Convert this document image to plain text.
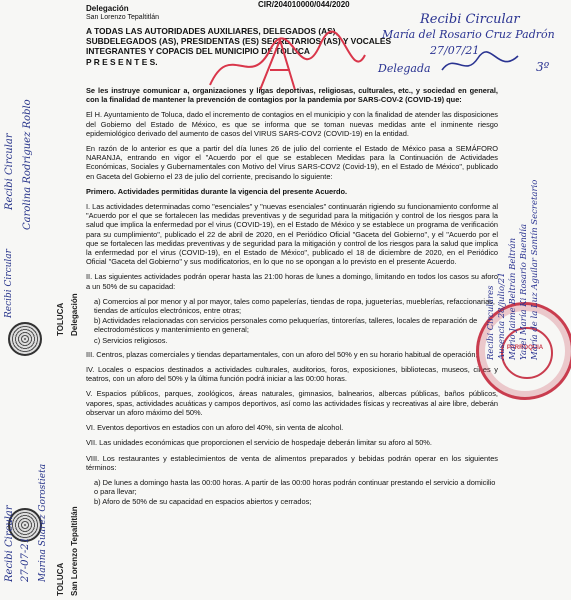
TOLUCA Delegación
TOLUCA San Lorenzo Tepaltitlán
Recibi Circular Carolina Rodriguez Roblo
Recibi Circular
Recibi Circular 27-07-21 Marina Suarez Gorostieta
Delegación
San Lorenzo Tepaltitlán
CIR/204010000/044/2020
A TODAS LAS AUTORIDADES AUXILIARES, DELEGADOS (AS), SUBDELEGADOS (AS), PRESIDENTAS (ES) SECRETARIOS (AS) Y VOCALES INTEGRANTES Y COPACIS DEL MUNICIPIO DE TOLUCA
P R E S E N T E S.
Recibi Circular
María del Rosario Cruz Padrón
27/07/21
Delegada	3º

Se les instruye comunicar a, organizaciones y ligas deportivas, religiosas, culturales, etc., y sociedad en general, con la finalidad de mantener la prevención de contagios por la pandemia por SARS-COV-2 (COVID-19) que:

El H. Ayuntamiento de Toluca, dado el incremento de contagios en el municipio y con la finalidad de atender las disposiciones del Gobierno del Estado de México, es que se informa que se toman nuevas medidas ante el inminente riesgo epidemiológico derivado del aumento de casos del VIRUS SARS-COV2 (COVID-19) en la entidad.

En razón de lo anterior es que a partir del día lunes 26 de julio del corriente el Estado de México pasa a SEMÁFORO NARANJA, entrando en vigor el "Acuerdo por el que se establecen Medidas para la Continuación de Actividades Económicas, Sociales y Gubernamentales con Motivo del Virus SARS-COV2 (Covid-19), en el Estado de México", publicado en Gaceta del Gobierno el 23 de julio del corriente, precisando lo siguiente:

Primero. Actividades permitidas durante la vigencia del presente Acuerdo.

I. Las actividades determinadas como "esenciales" y "nuevas esenciales" continuarán rigiendo su funcionamiento conforme al "Acuerdo por el que se fortalecen las medidas preventivas y de seguridad para la mitigación y control de los riesgos para la salud que implica la enfermedad por el virus (COVID-19), en el Estado de México y se establece un programa de verificación para su cumplimiento", publicado el 22 de abril de 2020, en el Periódico Oficial "Gaceta del Gobierno", y el "Acuerdo por el que se fortalecen las medidas preventivas y de seguridad para la mitigación y control de los riesgos para la salud que implica la enfermedad por el virus (COVID-19), en el Estado de México", publicado el 18 de diciembre de 2020, en el Periódico Oficial "Gaceta del Gobierno" y sus modificatorios, en lo que no se opongan a lo previsto en el presente Acuerdo.

II. Las siguientes actividades podrán operar hasta las 21:00 horas de lunes a domingo, limitando en todos los casos su aforo a un 50% de su capacidad:

a) Comercios al por menor y al por mayor, tales como papelerías, tiendas de ropa, jugueterías, mueblerías, refaccionarias, tiendas de artículos electrónicos, entre otras;
b) Actividades relacionadas con servicios personales como peluquerías, tintorerías, talleres, locales de reparación de electrodomésticos y mantenimiento en general;
c) Servicios religiosos.

III. Centros, plazas comerciales y tiendas departamentales, con un aforo del 50% y en su horario habitual de operación;

IV. Locales o espacios destinados a actividades culturales, auditorios, foros, exposiciones, bibliotecas, museos, cines y teatros, con un aforo del 50% y la última función podrá iniciar a las 00:00 horas.

V. Espacios públicos, parques, zoológicos, áreas naturales, gimnasios, balnearios, albercas públicas, baños públicos, vapores, spas, actividades acuáticas y campos deportivos, así como las actividades físicas y recreativas al aire libre, deberán observar un aforo máximo del 50%.

VI. Eventos deportivos en estadios con un aforo del 40%, sin venta de alcohol.

VII. Las unidades económicas que proporcionen el servicio de hospedaje deberán limitar su aforo al 50%.

VIII. Los restaurantes y establecimientos de venta de alimentos preparados y bebidas podrán operar en los siguientes términos:

a) De lunes a domingo hasta las 00:00 horas. A partir de las 00:00 horas podrán continuar prestando el servicio a domicilio o para llevar;
b) Aforo de 50% de su capacidad en espacios abiertos y cerrados;
PARROQUIA
Recibi Circulares Ausencia 28/julio/21 Mario Jaime Beltrán Beltrán Yazel María Ki Rosario Buendía María de la Luz Aguilar Santín Secretario
